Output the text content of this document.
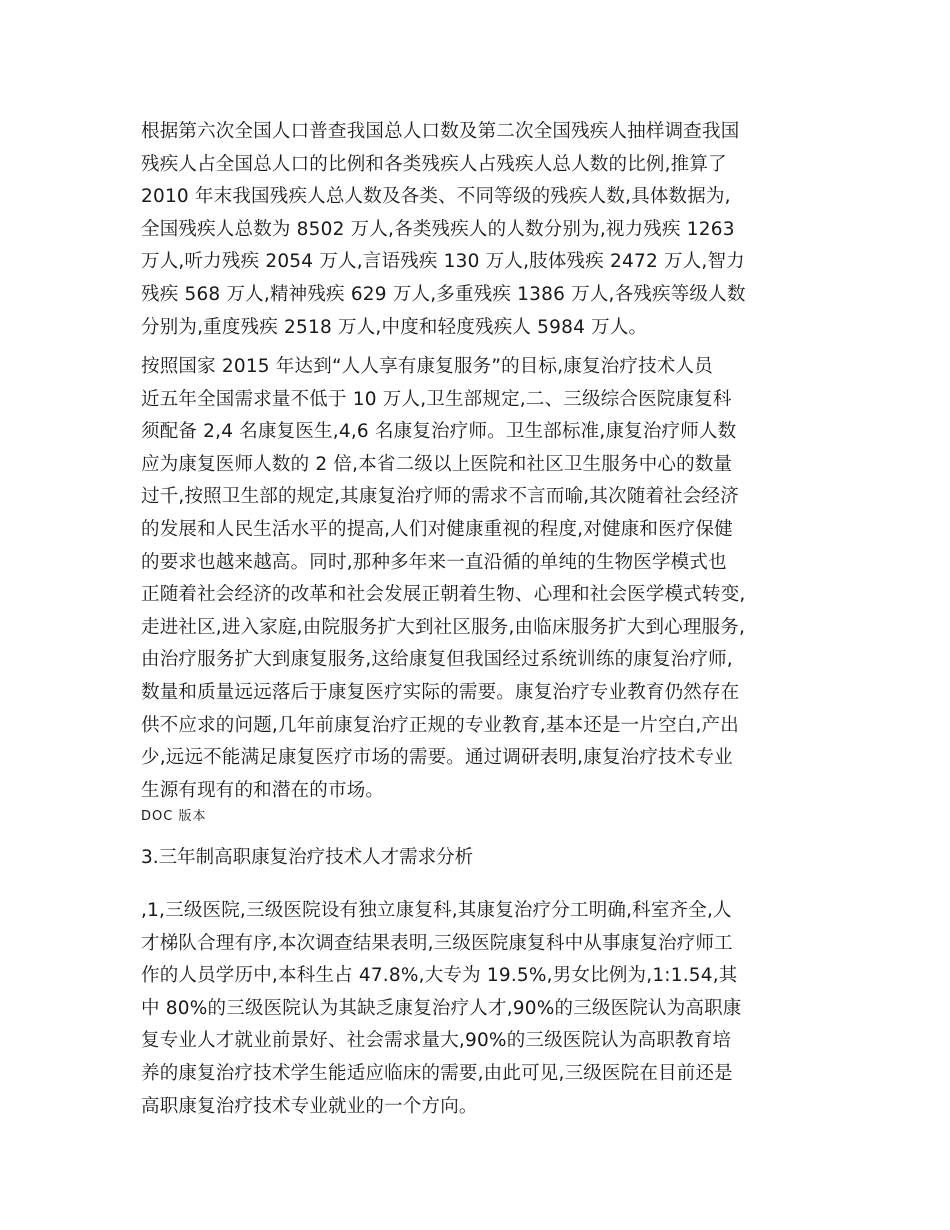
根据第六次全国人口普查我国总人口数及第二次全国残疾人抽样调查我国
残疾人占全国总人口的比例和各类残疾人占残疾人总人数的比例,推算了
2010 年末我国残疾人总人数及各类、不同等级的残疾人数,具体数据为,
全国残疾人总数为 8502 万人,各类残疾人的人数分别为,视力残疾 1263
万人,听力残疾 2054 万人,言语残疾 130 万人,肢体残疾 2472 万人,智力
残疾 568 万人,精神残疾 629 万人,多重残疾 1386 万人,各残疾等级人数
分别为,重度残疾 2518 万人,中度和轻度残疾人 5984 万人。

按照国家 2015 年达到“人人享有康复服务”的目标,康复治疗技术人员
近五年全国需求量不低于 10 万人,卫生部规定,二、三级综合医院康复科
须配备 2,4 名康复医生,4,6 名康复治疗师。卫生部标准,康复治疗师人数
应为康复医师人数的 2 倍,本省二级以上医院和社区卫生服务中心的数量
过千,按照卫生部的规定,其康复治疗师的需求不言而喻,其次随着社会经济
的发展和人民生活水平的提高,人们对健康重视的程度,对健康和医疗保健
的要求也越来越高。同时,那种多年来一直沿循的单纯的生物医学模式也
正随着社会经济的改革和社会发展正朝着生物、心理和社会医学模式转变,
走进社区,进入家庭,由院服务扩大到社区服务,由临床服务扩大到心理服务,
由治疗服务扩大到康复服务,这给康复但我国经过系统训练的康复治疗师,
数量和质量远远落后于康复医疗实际的需要。康复治疗专业教育仍然存在
供不应求的问题,几年前康复治疗正规的专业教育,基本还是一片空白,产出
少,远远不能满足康复医疗市场的需要。通过调研表明,康复治疗技术专业
生源有现有的和潜在的市场。

DOC 版本

3.三年制高职康复治疗技术人才需求分析

,1,三级医院,三级医院设有独立康复科,其康复治疗分工明确,科室齐全,人
才梯队合理有序,本次调查结果表明,三级医院康复科中从事康复治疗师工
作的人员学历中,本科生占 47.8%,大专为 19.5%,男女比例为,1:1.54,其
中 80%的三级医院认为其缺乏康复治疗人才,90%的三级医院认为高职康
复专业人才就业前景好、社会需求量大,90%的三级医院认为高职教育培
养的康复治疗技术学生能适应临床的需要,由此可见,三级医院在目前还是
高职康复治疗技术专业就业的一个方向。
